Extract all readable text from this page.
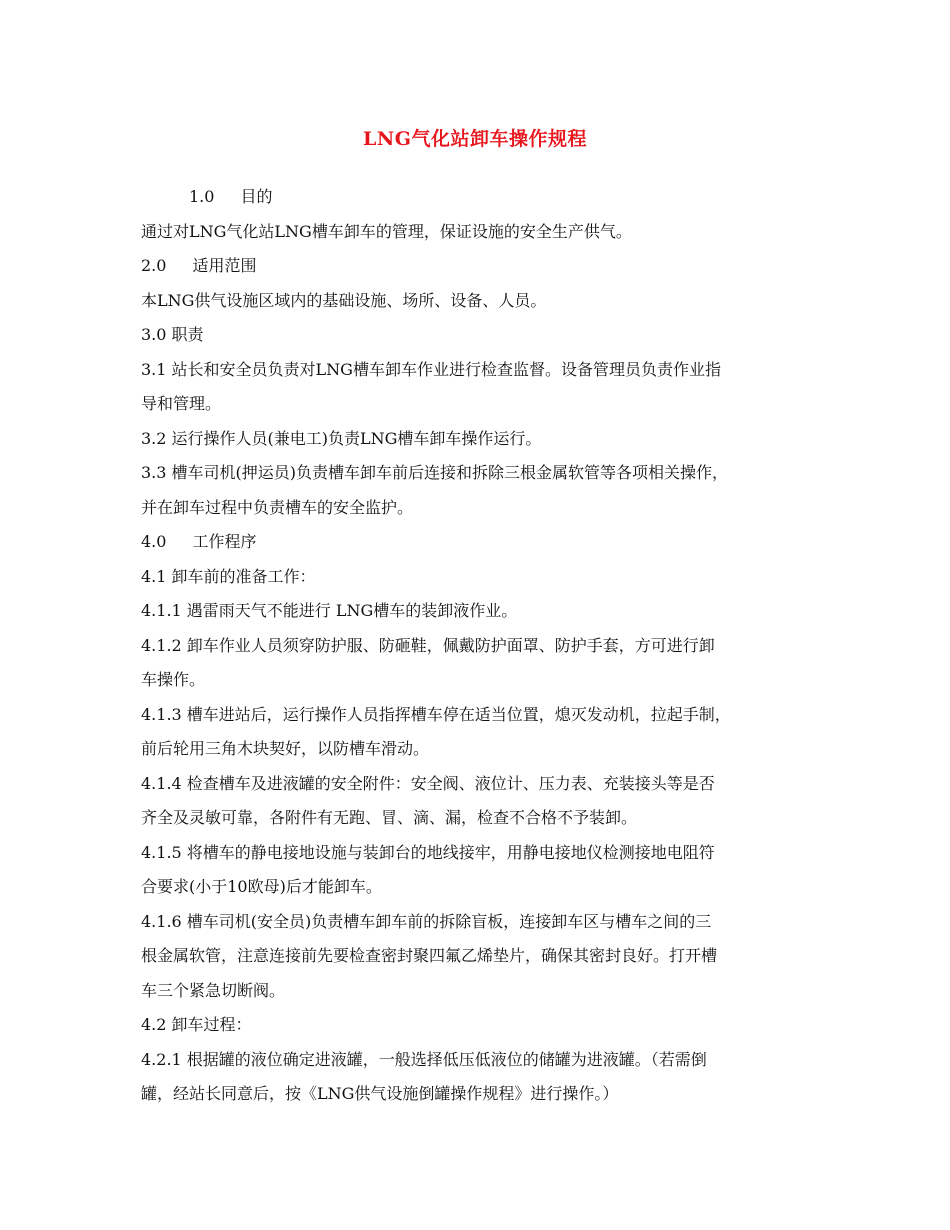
LNG气化站卸车操作规程
1.0 目的
通过对LNG气化站LNG槽车卸车的管理，保证设施的安全生产供气。
2.0 适用范围
本LNG供气设施区域内的基础设施、场所、设备、人员。
3.0 职责
3.1 站长和安全员负责对LNG槽车卸车作业进行检查监督。设备管理员负责作业指
导和管理。
3.2 运行操作人员(兼电工)负责LNG槽车卸车操作运行。
3.3 槽车司机(押运员)负责槽车卸车前后连接和拆除三根金属软管等各项相关操作，
并在卸车过程中负责槽车的安全监护。
4.0 工作程序
4.1 卸车前的准备工作：
4.1.1 遇雷雨天气不能进行 LNG槽车的装卸液作业。
4.1.2 卸车作业人员须穿防护服、防砸鞋，佩戴防护面罩、防护手套，方可进行卸
车操作。
4.1.3 槽车进站后，运行操作人员指挥槽车停在适当位置，熄灭发动机，拉起手制，
前后轮用三角木块契好，以防槽车滑动。
4.1.4 检查槽车及进液罐的安全附件：安全阀、液位计、压力表、充装接头等是否
齐全及灵敏可靠，各附件有无跑、冒、滴、漏，检查不合格不予装卸。
4.1.5 将槽车的静电接地设施与装卸台的地线接牢，用静电接地仪检测接地电阻符
合要求(小于10欧母)后才能卸车。
4.1.6 槽车司机(安全员)负责槽车卸车前的拆除盲板，连接卸车区与槽车之间的三
根金属软管，注意连接前先要检查密封聚四氟乙烯垫片，确保其密封良好。打开槽
车三个紧急切断阀。
4.2 卸车过程：
4.2.1 根据罐的液位确定进液罐，一般选择低压低液位的储罐为进液罐。（若需倒
罐，经站长同意后，按《LNG供气设施倒罐操作规程》进行操作。）
